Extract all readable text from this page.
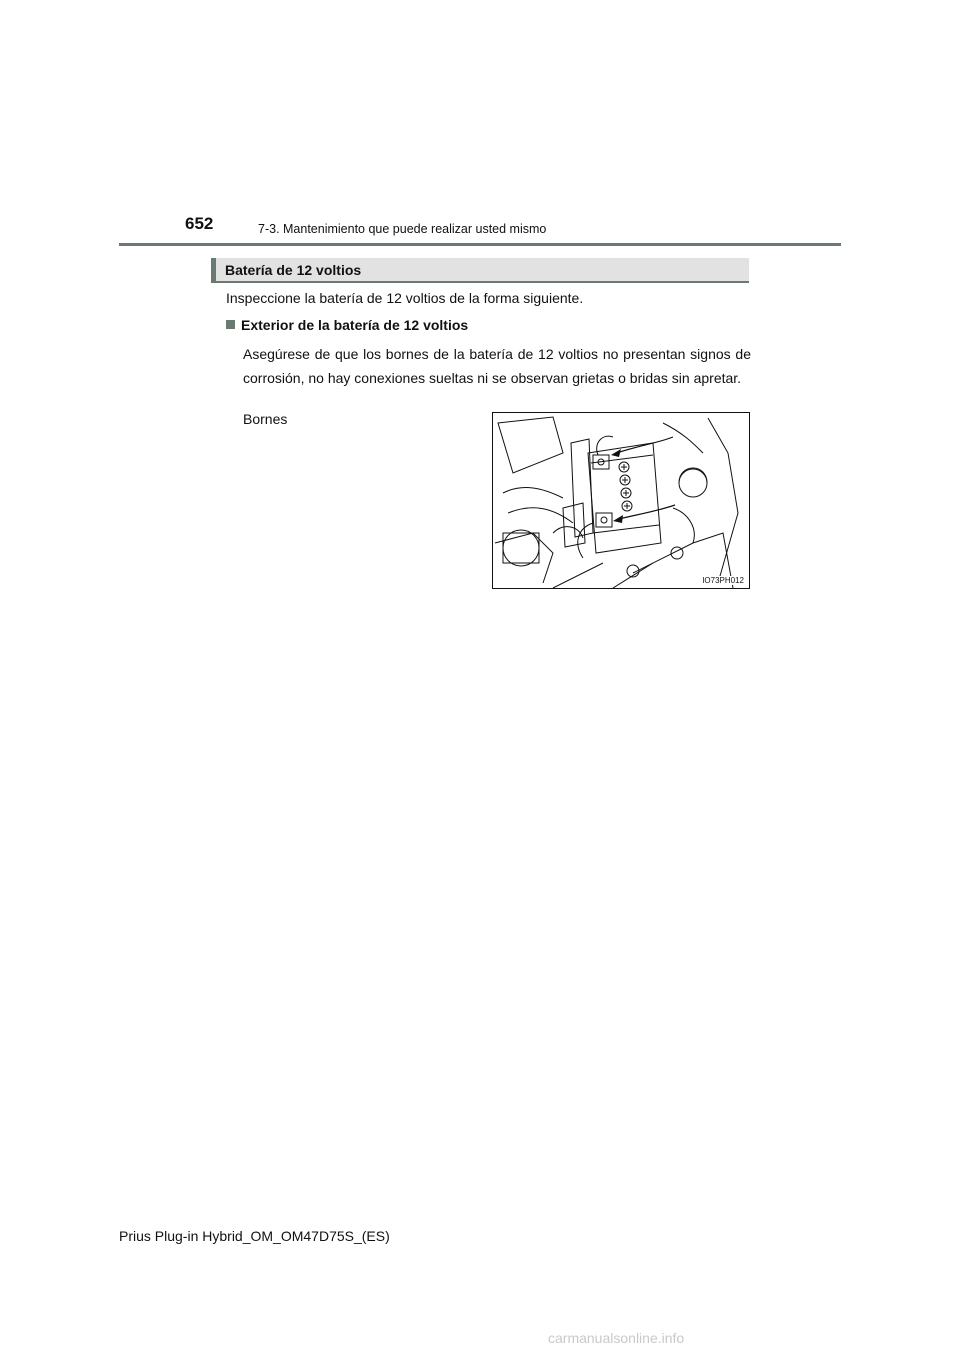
652	7-3. Mantenimiento que puede realizar usted mismo
Batería de 12 voltios
Inspeccione la batería de 12 voltios de la forma siguiente.
Exterior de la batería de 12 voltios
Asegúrese de que los bornes de la batería de 12 voltios no presentan signos de corrosión, no hay conexiones sueltas ni se observan grietas o bridas sin apretar.
Bornes
IO73PH012
Prius Plug-in Hybrid_OM_OM47D75S_(ES)
carmanualsonline.info
